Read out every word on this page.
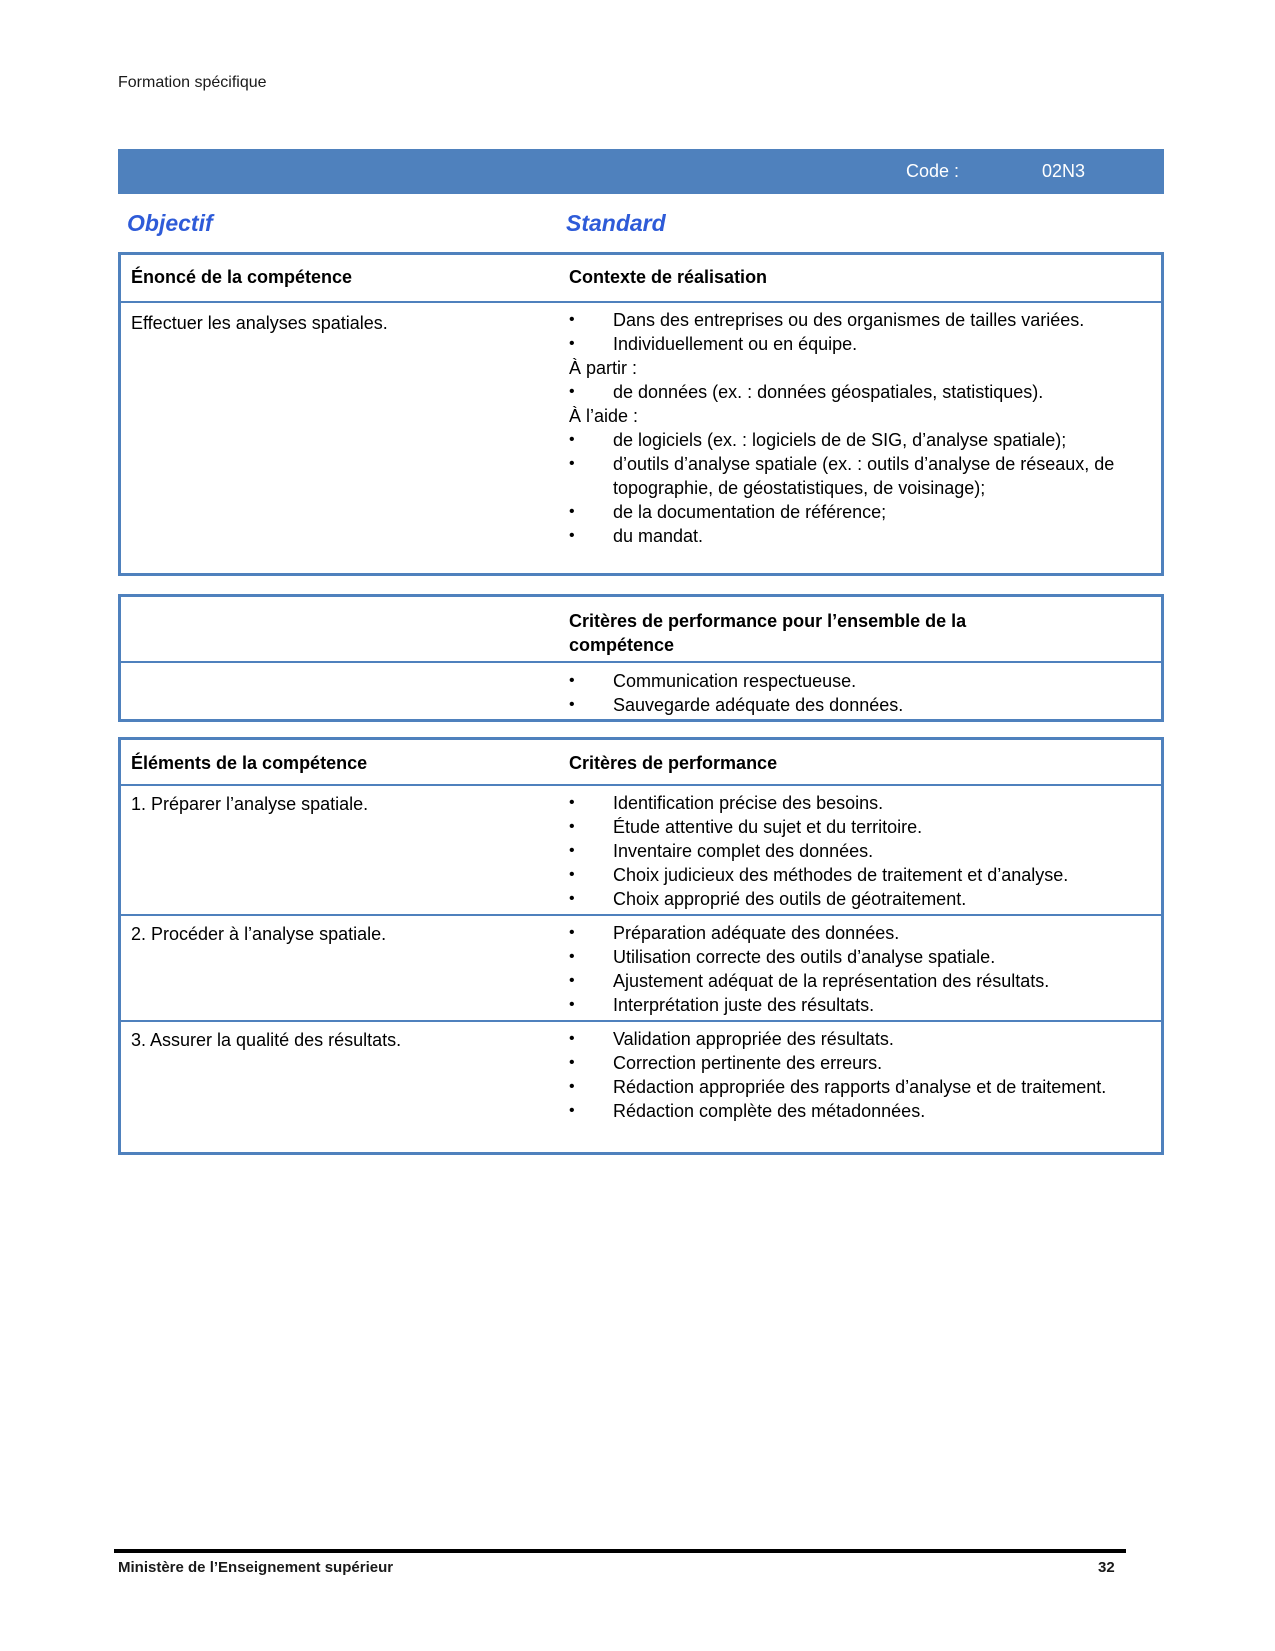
Formation spécifique
Code :	02N3
Objectif	Standard
Énoncé de la compétence	Contexte de réalisation
Effectuer les analyses spatiales.	• Dans des entreprises ou des organismes de tailles variées.
• Individuellement ou en équipe.
À partir :
• de données (ex. : données géospatiales, statistiques).
À l’aide :
• de logiciels (ex. : logiciels de de SIG, d’analyse spatiale);
• d’outils d’analyse spatiale (ex. : outils d’analyse de réseaux, de topographie, de géostatistiques, de voisinage);
• de la documentation de référence;
• du mandat.
Critères de performance pour l’ensemble de la compétence
• Communication respectueuse.
• Sauvegarde adéquate des données.
Éléments de la compétence	Critères de performance
1. Préparer l’analyse spatiale.	• Identification précise des besoins.
• Étude attentive du sujet et du territoire.
• Inventaire complet des données.
• Choix judicieux des méthodes de traitement et d’analyse.
• Choix approprié des outils de géotraitement.
2. Procéder à l’analyse spatiale.	• Préparation adéquate des données.
• Utilisation correcte des outils d’analyse spatiale.
• Ajustement adéquat de la représentation des résultats.
• Interprétation juste des résultats.
3. Assurer la qualité des résultats.	• Validation appropriée des résultats.
• Correction pertinente des erreurs.
• Rédaction appropriée des rapports d’analyse et de traitement.
• Rédaction complète des métadonnées.
Ministère de l’Enseignement supérieur	32
